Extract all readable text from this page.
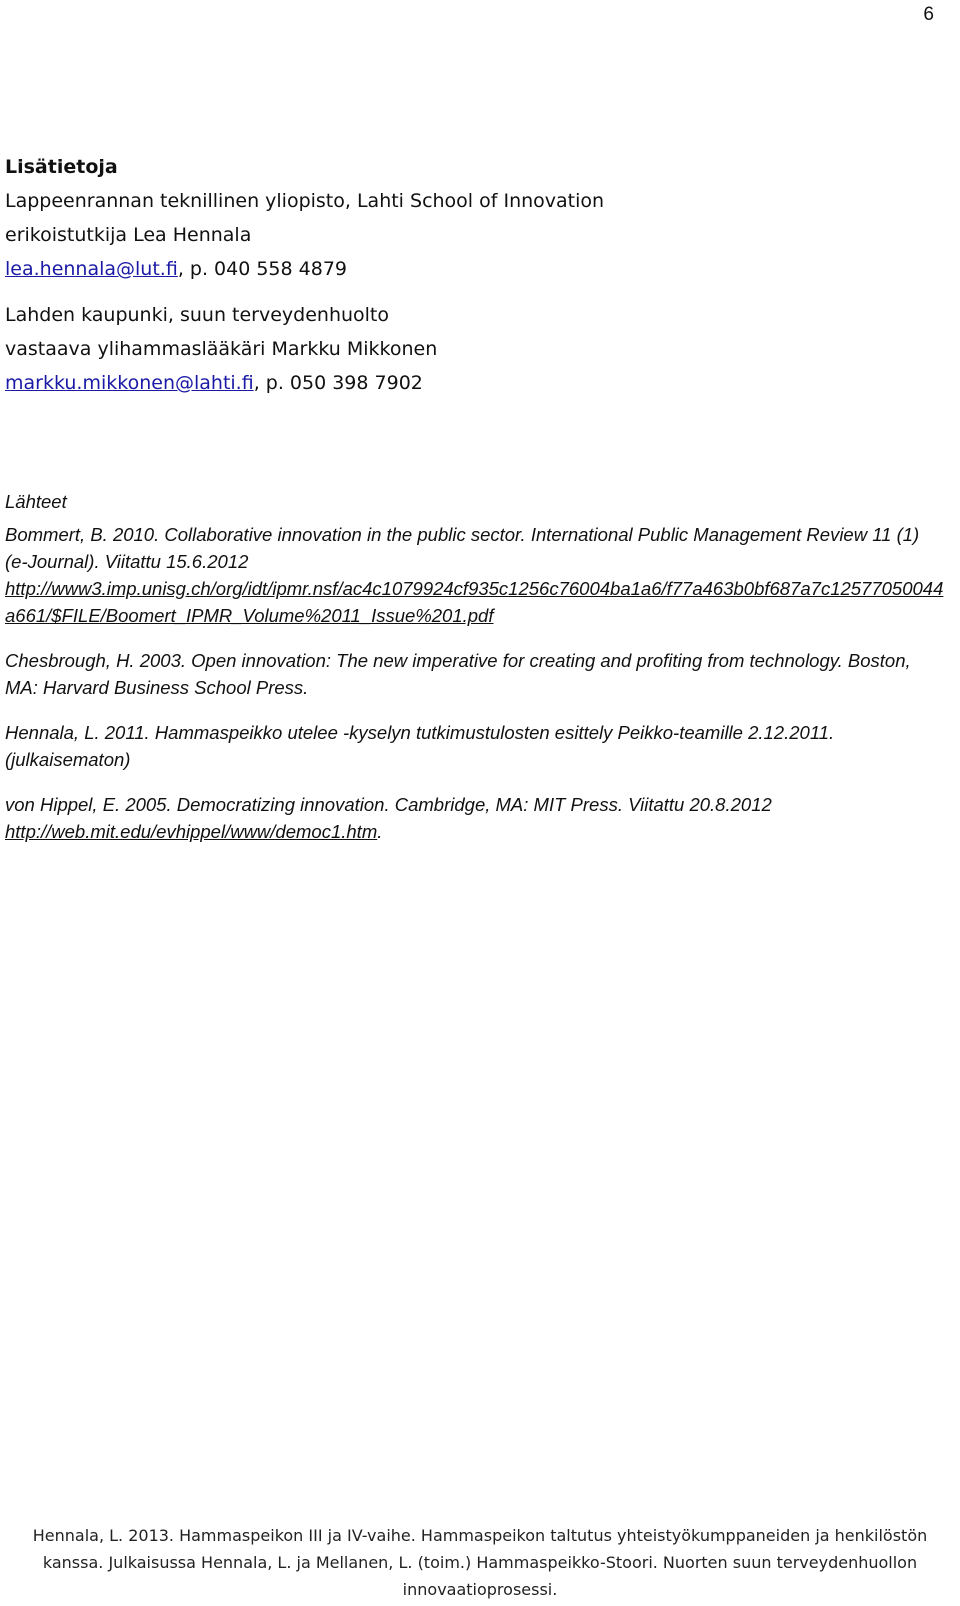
6
Lisätietoja
Lappeenrannan teknillinen yliopisto, Lahti School of Innovation
erikoistutkija Lea Hennala
lea.hennala@lut.fi, p. 040 558 4879
Lahden kaupunki, suun terveydenhuolto
vastaava ylihammaslääkäri Markku Mikkonen
markku.mikkonen@lahti.fi, p. 050 398 7902
Lähteet
Bommert, B. 2010. Collaborative innovation in the public sector. International Public Management Review 11 (1) (e-Journal). Viitattu 15.6.2012
http://www3.imp.unisg.ch/org/idt/ipmr.nsf/ac4c1079924cf935c1256c76004ba1a6/f77a463b0bf687a7c12577050044a661/$FILE/Boomert_IPMR_Volume%2011_Issue%201.pdf
Chesbrough, H. 2003. Open innovation: The new imperative for creating and profiting from technology. Boston, MA: Harvard Business School Press.
Hennala, L. 2011. Hammaspeikko utelee -kyselyn tutkimustulosten esittely Peikko-teamille 2.12.2011. (julkaisematon)
von Hippel, E. 2005. Democratizing innovation. Cambridge, MA: MIT Press. Viitattu 20.8.2012
http://web.mit.edu/evhippel/www/democ1.htm.
Hennala, L. 2013. Hammaspeikon III ja IV-vaihe. Hammaspeikon taltutus yhteistyökumppaneiden ja henkilöstön
kanssa. Julkaisussa Hennala, L. ja Mellanen, L. (toim.) Hammaspeikko-Stoori. Nuorten suun terveydenhuollon
innovaatioprosessi.
